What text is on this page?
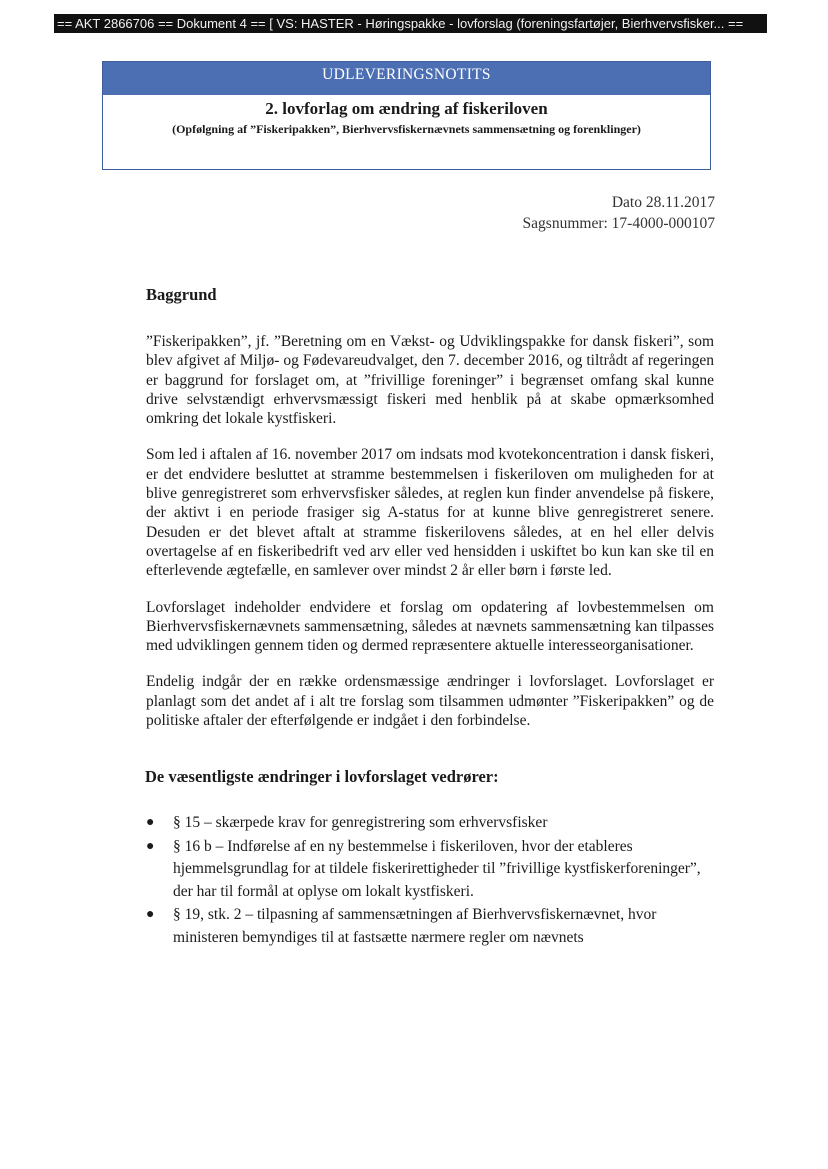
== AKT 2866706 == Dokument 4 == [ VS: HASTER - Høringspakke - lovforslag (foreningsfartøjer, Bierhvervsfisker... ==
UDLEVERINGSNOTITS
2. lovforlag om ændring af fiskeriloven
(Opfølgning af ”Fiskeripakken”, Bierhvervsfiskernævnets sammensætning og forenklinger)
Dato 28.11.2017
Sagsnummer: 17-4000-000107
Baggrund

”Fiskeripakken”, jf. ”Beretning om en Vækst- og Udviklingspakke for dansk fiskeri”, som blev afgivet af Miljø- og Fødevareudvalget, den 7. december 2016, og tiltrådt af regeringen er baggrund for forslaget om, at ”frivillige foreninger” i begrænset omfang skal kunne drive selvstændigt erhvervsmæssigt fiskeri med henblik på at skabe opmærksomhed omkring det lokale kystfiskeri.

Som led i aftalen af 16. november 2017 om indsats mod kvotekoncentration i dansk fiskeri, er det endvidere besluttet at stramme bestemmelsen i fiskeriloven om muligheden for at blive genregistreret som erhvervsfisker således, at reglen kun finder anvendelse på fiskere, der aktivt i en periode frasiger sig A-status for at kunne blive genregistreret senere. Desuden er det blevet aftalt at stramme fiskerilovens således, at en hel eller delvis overtagelse af en fiskeribedrift ved arv eller ved hensidden i uskiftet bo kun kan ske til en efterlevende ægtefælle, en samlever over mindst 2 år eller børn i første led.

Lovforslaget indeholder endvidere et forslag om opdatering af lovbestemmelsen om Bierhvervsfiskernævnets sammensætning, således at nævnets sammensætning kan tilpasses med udviklingen gennem tiden og dermed repræsentere aktuelle interesseorganisationer.

Endelig indgår der en række ordensmæssige ændringer i lovforslaget. Lovforslaget er planlagt som det andet af i alt tre forslag som tilsammen udmønter ”Fiskeripakken” og de politiske aftaler der efterfølgende er indgået i den forbindelse.

De væsentligste ændringer i lovforslaget vedrører:
● § 15 – skærpede krav for genregistrering som erhvervsfisker
● § 16 b – Indførelse af en ny bestemmelse i fiskeriloven, hvor der etableres hjemmelsgrundlag for at tildele fiskerirettigheder til ”frivillige kystfiskerforeninger”, der har til formål at oplyse om lokalt kystfiskeri.
● § 19, stk. 2 – tilpasning af sammensætningen af Bierhvervsfiskernævnet, hvor ministeren bemyndiges til at fastsætte nærmere regler om nævnets
